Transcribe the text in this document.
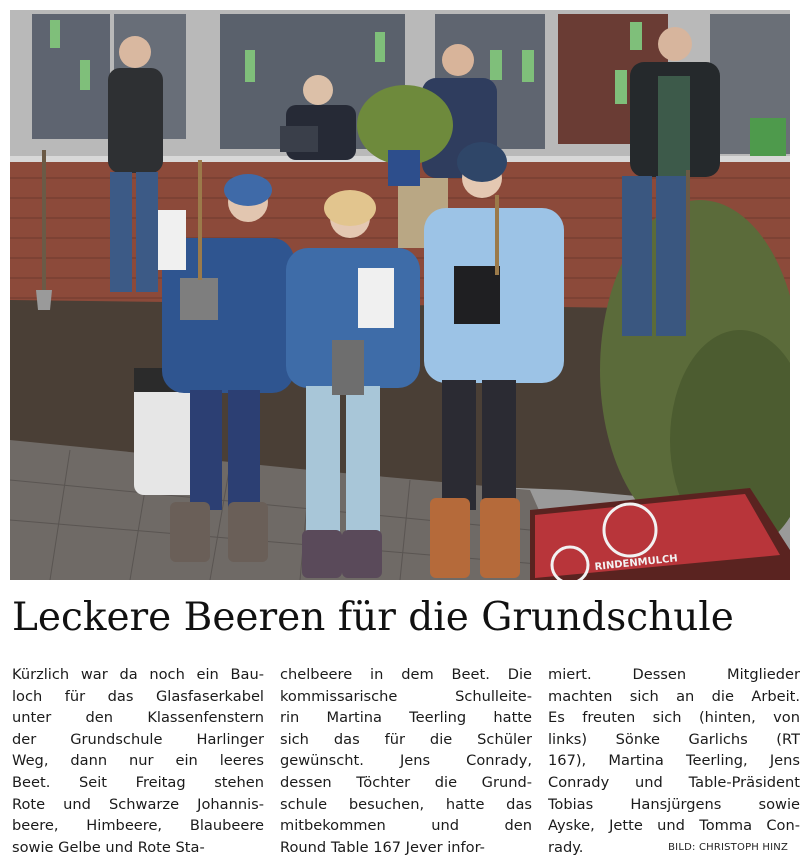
RINDENMULCH
BILD: CHRISTOPH HINZ
Leckere Beeren für die Grundschule
Kürzlich war da noch ein Bau-
loch für das Glasfaserkabel
unter den Klassenfenstern
der Grundschule Harlinger
Weg, dann nur ein leeres
Beet. Seit Freitag stehen
Rote und Schwarze Johannis-
beere, Himbeere, Blaubeere
sowie Gelbe und Rote Sta-
chelbeere in dem Beet. Die
kommissarische Schulleite-
rin Martina Teerling hatte
sich das für die Schüler
gewünscht. Jens Conrady,
dessen Töchter die Grund-
schule besuchen, hatte das
mitbekommen und den
Round Table 167 Jever infor-
miert. Dessen Mitglieder
machten sich an die Arbeit.
Es freuten sich (hinten, von
links) Sönke Garlichs (RT
167), Martina Teerling, Jens
Conrady und Table-Präsident
Tobias Hansjürgens sowie
Ayske, Jette und Tomma Con-
rady.
